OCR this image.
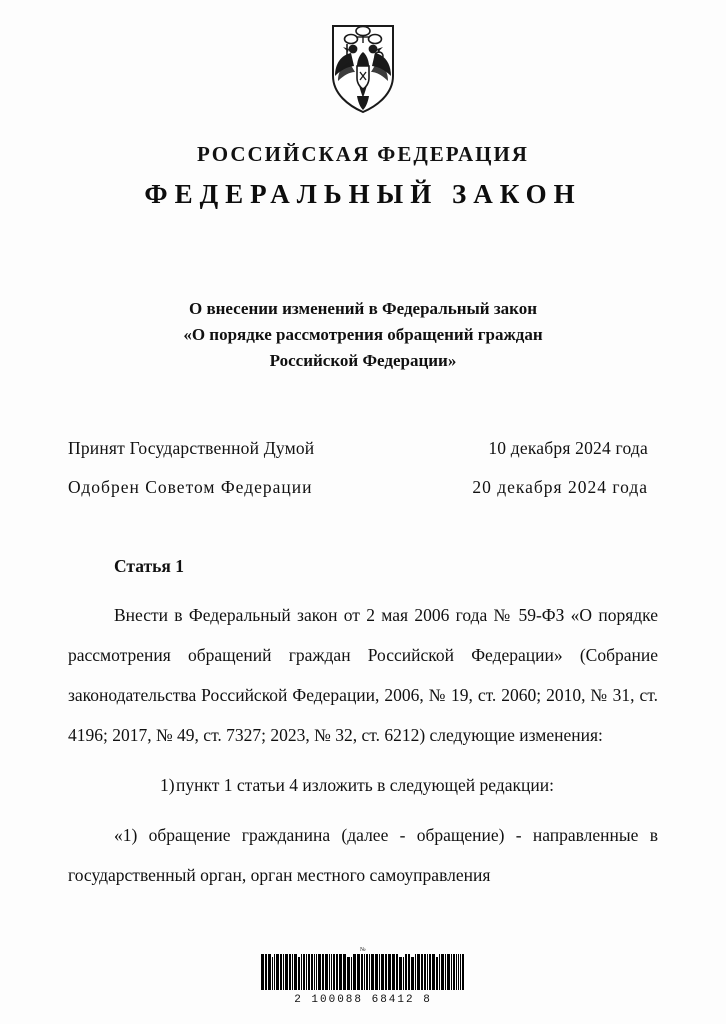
РОССИЙСКАЯ ФЕДЕРАЦИЯ
ФЕДЕРАЛЬНЫЙ ЗАКОН
О внесении изменений в Федеральный закон
«О порядке рассмотрения обращений граждан
Российской Федерации»
Принят Государственной Думой	10 декабря 2024 года
Одобрен Советом Федерации	20 декабря 2024 года
Статья 1
Внести в Федеральный закон от 2 мая 2006 года № 59-ФЗ «О порядке рассмотрения обращений граждан Российской Федерации» (Собрание законодательства Российской Федерации, 2006, № 19, ст. 2060; 2010, № 31, ст. 4196; 2017, № 49, ст. 7327; 2023, № 32, ст. 6212) следующие изменения:
1)пункт 1 статьи 4 изложить в следующей редакции:
«1) обращение гражданина (далее - обращение) - направленные в государственный орган, орган местного самоуправления
№
2 100088 68412 8
